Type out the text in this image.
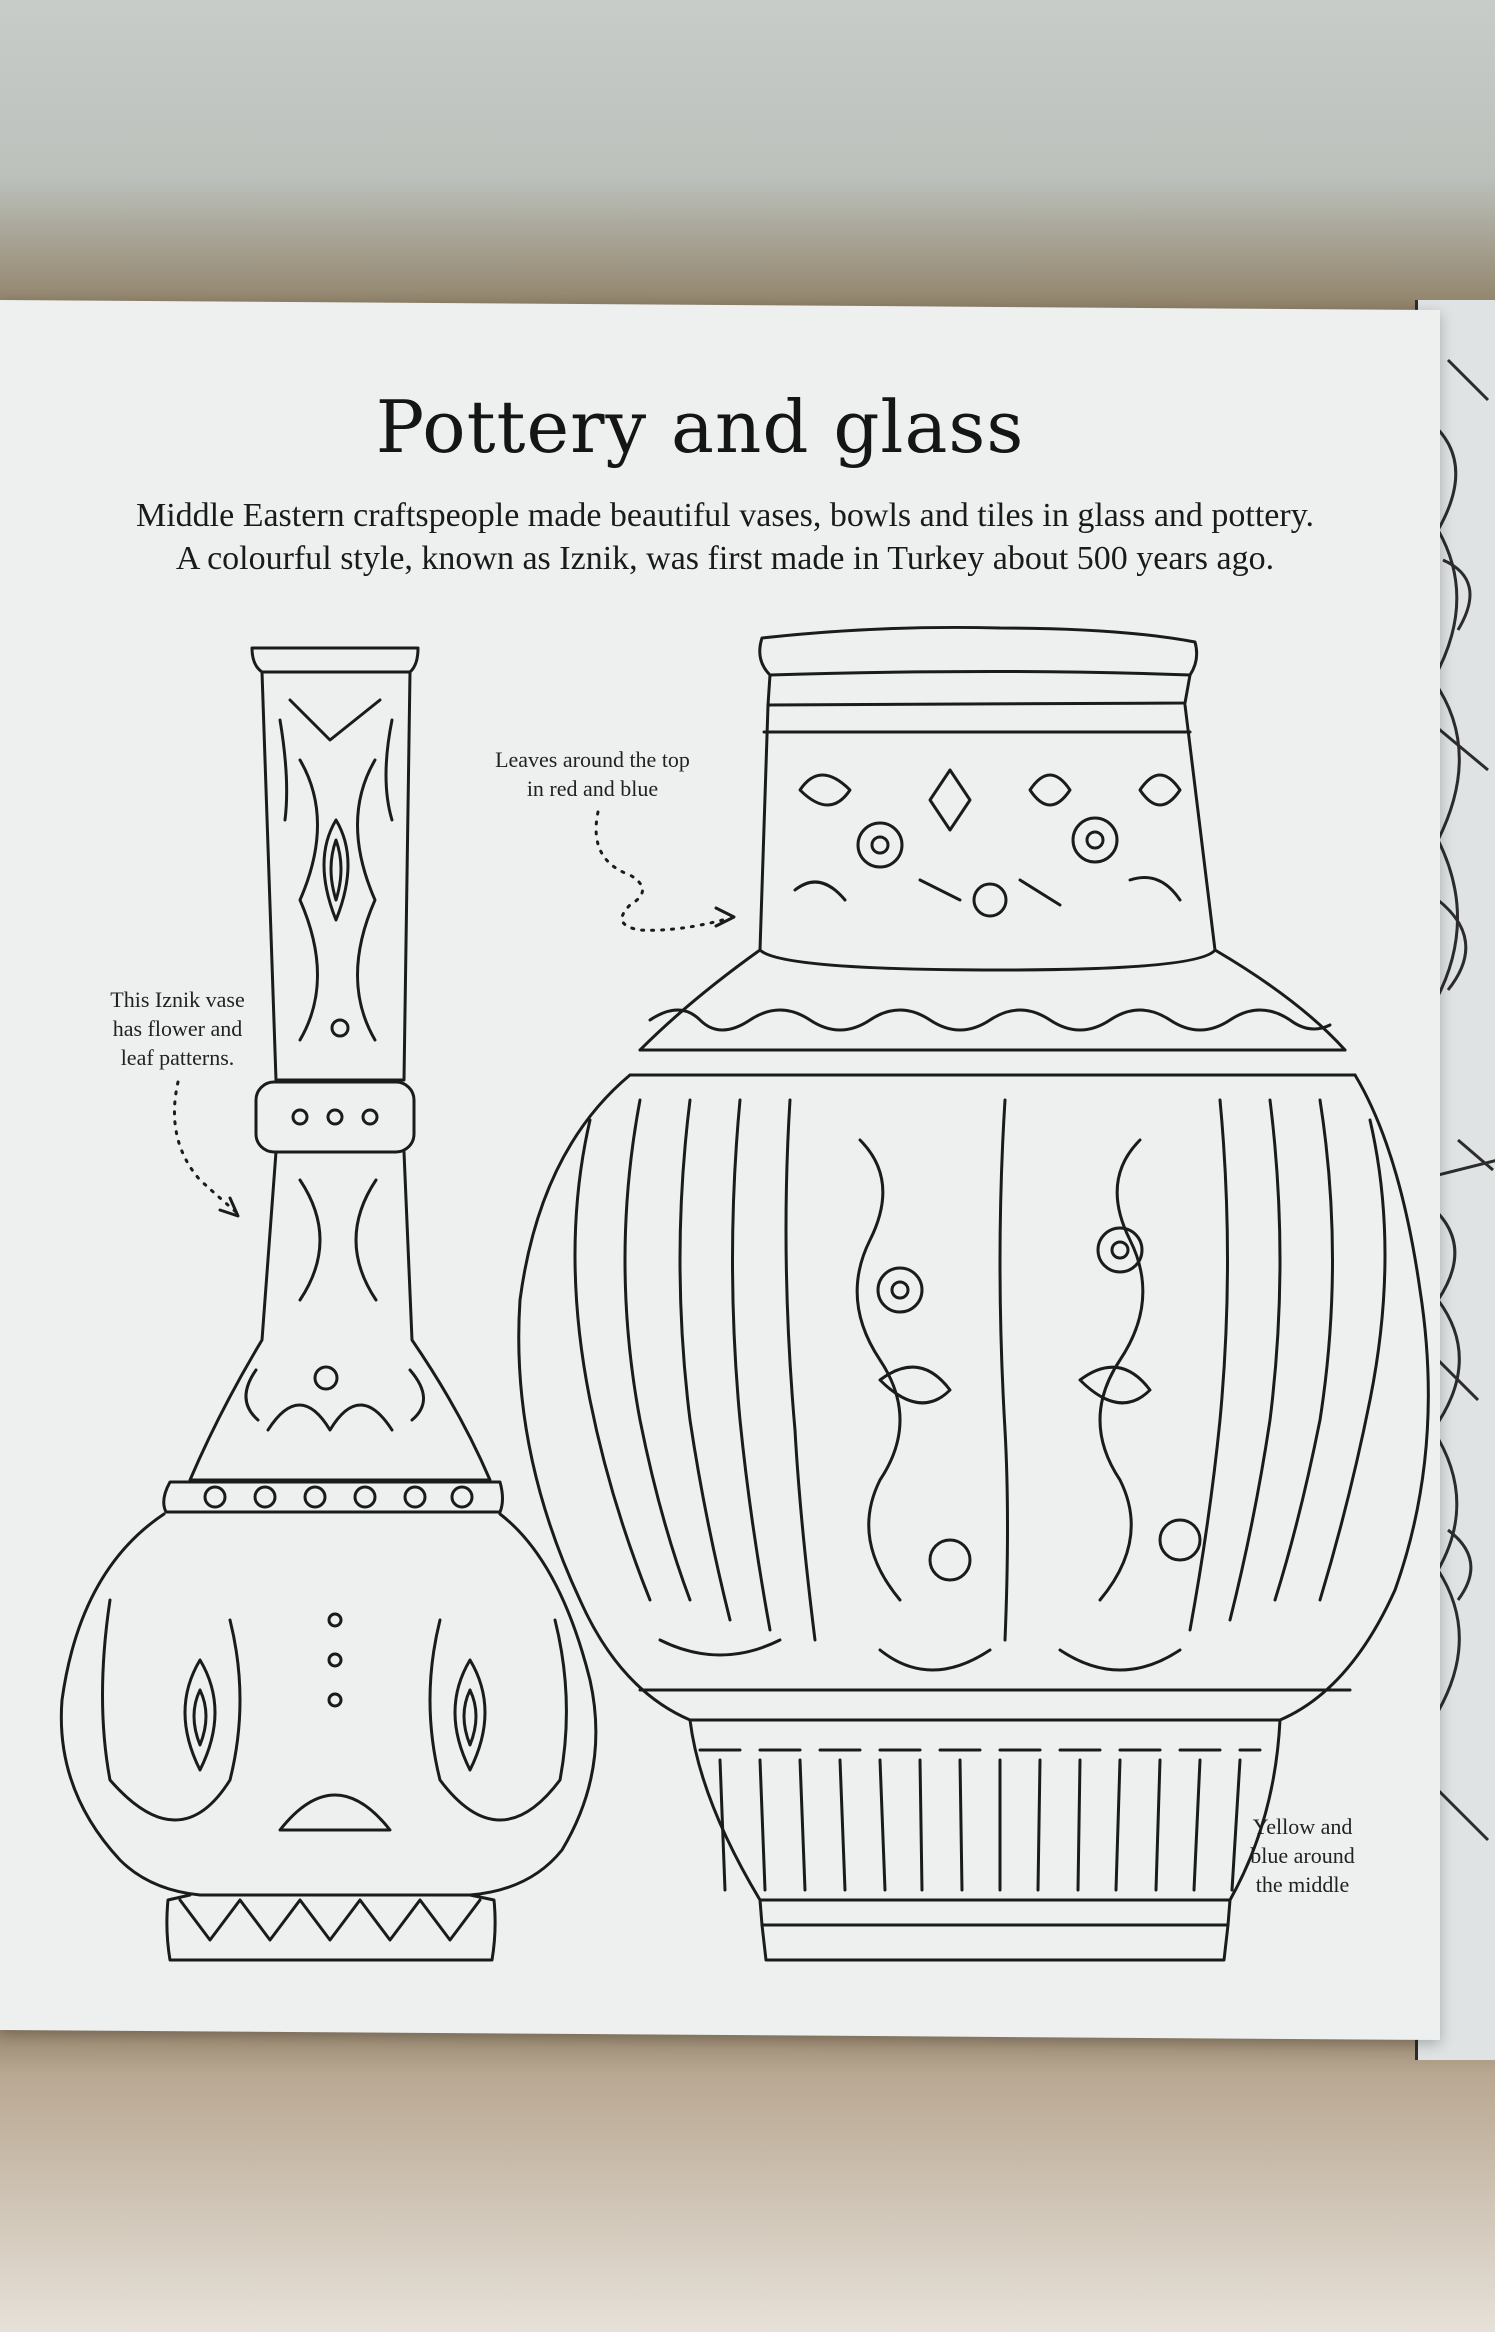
Pottery and glass
Middle Eastern craftspeople made beautiful vases, bowls and tiles in glass and pottery.
A colourful style, known as Iznik, was first made in Turkey about 500 years ago.
Leaves around the top
in red and blue
This Iznik vase
has flower and
leaf patterns.
Yellow and
blue around
the middle
